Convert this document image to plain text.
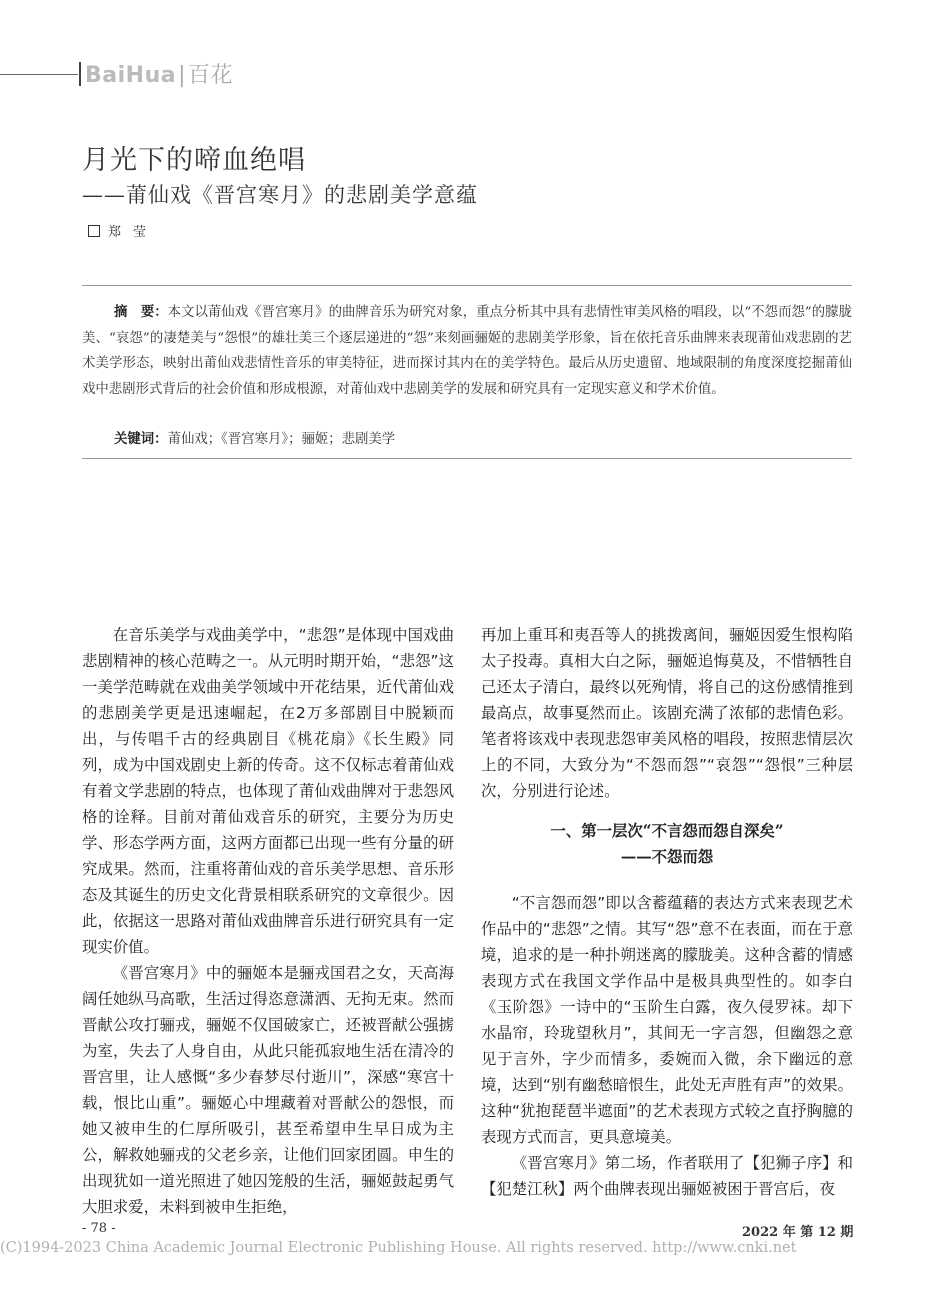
BaiHua|百花
月光下的啼血绝唱
——莆仙戏《晋宫寒月》的悲剧美学意蕴
郑莹
摘　要：本文以莆仙戏《晋宫寒月》的曲牌音乐为研究对象，重点分析其中具有悲情性审美风格的唱段，以“不怨而怨”的朦胧美、“哀怨”的凄楚美与“怨恨”的雄壮美三个逐层递进的“怨”来刻画骊姬的悲剧美学形象，旨在依托音乐曲牌来表现莆仙戏悲剧的艺术美学形态，映射出莆仙戏悲情性音乐的审美特征，进而探讨其内在的美学特色。最后从历史遗留、地域限制的角度深度挖掘莆仙戏中悲剧形式背后的社会价值和形成根源，对莆仙戏中悲剧美学的发展和研究具有一定现实意义和学术价值。
关键词：莆仙戏；《晋宫寒月》；骊姬；悲剧美学

在音乐美学与戏曲美学中，“悲怨”是体现中国戏曲悲剧精神的核心范畴之一。从元明时期开始，“悲怨”这一美学范畴就在戏曲美学领域中开花结果，近代莆仙戏的悲剧美学更是迅速崛起，在2万多部剧目中脱颖而出，与传唱千古的经典剧目《桃花扇》《长生殿》同列，成为中国戏剧史上新的传奇。这不仅标志着莆仙戏有着文学悲剧的特点，也体现了莆仙戏曲牌对于悲怨风格的诠释。目前对莆仙戏音乐的研究，主要分为历史学、形态学两方面，这两方面都已出现一些有分量的研究成果。然而，注重将莆仙戏的音乐美学思想、音乐形态及其诞生的历史文化背景相联系研究的文章很少。因此，依据这一思路对莆仙戏曲牌音乐进行研究具有一定现实价值。

《晋宫寒月》中的骊姬本是骊戎国君之女，天高海阔任她纵马高歌，生活过得恣意潇洒、无拘无束。然而晋献公攻打骊戎，骊姬不仅国破家亡，还被晋献公强掳为室，失去了人身自由，从此只能孤寂地生活在清冷的晋宫里，让人感慨“多少春梦尽付逝川”，深感“寒宫十载，恨比山重”。骊姬心中埋藏着对晋献公的怨恨，而她又被申生的仁厚所吸引，甚至希望申生早日成为主公，解救她骊戎的父老乡亲，让他们回家团圆。申生的出现犹如一道光照进了她囚笼般的生活，骊姬鼓起勇气大胆求爱，未料到被申生拒绝，

再加上重耳和夷吾等人的挑拨离间，骊姬因爱生恨构陷太子投毒。真相大白之际，骊姬追悔莫及，不惜牺牲自己还太子清白，最终以死殉情，将自己的这份感情推到最高点，故事戛然而止。该剧充满了浓郁的悲情色彩。笔者将该戏中表现悲怨审美风格的唱段，按照悲情层次上的不同，大致分为“不怨而怨”“哀怨”“怨恨”三种层次，分别进行论述。

一、第一层次“不言怨而怨自深矣”
——不怨而怨

“不言怨而怨”即以含蓄蕴藉的表达方式来表现艺术作品中的“悲怨”之情。其写“怨”意不在表面，而在于意境，追求的是一种扑朔迷离的朦胧美。这种含蓄的情感表现方式在我国文学作品中是极具典型性的。如李白《玉阶怨》一诗中的“玉阶生白露，夜久侵罗袜。却下水晶帘，玲珑望秋月”，其间无一字言怨，但幽怨之意见于言外，字少而情多，委婉而入微，余下幽远的意境，达到“别有幽愁暗恨生，此处无声胜有声”的效果。这种“犹抱琵琶半遮面”的艺术表现方式较之直抒胸臆的表现方式而言，更具意境美。

《晋宫寒月》第二场，作者联用了【犯狮子序】和【犯楚江秋】两个曲牌表现出骊姬被困于晋宫后，夜

- 78 -	2022 年 第 12 期
(C)1994-2023 China Academic Journal Electronic Publishing House. All rights reserved. http://www.cnki.net
